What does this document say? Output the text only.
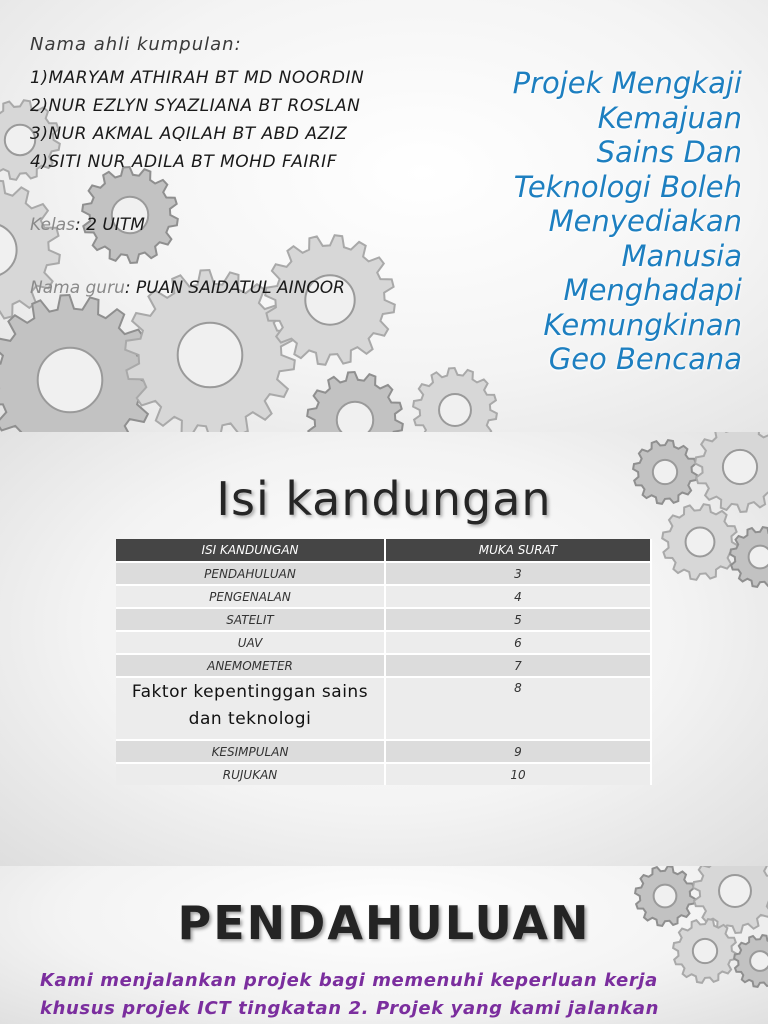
Nama ahli kumpulan:
1)MARYAM ATHIRAH BT MD NOORDIN
2)NUR EZLYN SYAZLIANA BT ROSLAN
3)NUR AKMAL AQILAH BT ABD AZIZ
4)SITI NUR ADILA BT MOHD FAIRIF
Kelas: 2 UITM
Nama guru: PUAN SAIDATUL AINOOR
Projek Mengkaji
Kemajuan
Sains Dan
Teknologi Boleh
Menyediakan
Manusia
Menghadapi
Kemungkinan
Geo Bencana
Isi kandungan
ISI KANDUNGAN	MUKA SURAT
PENDAHULUAN	3
PENGENALAN	4
SATELIT	5
UAV	6
ANEMOMETER	7
Faktor kepentinggan sains dan teknologi	8
KESIMPULAN	9
RUJUKAN	10
PENDAHULUAN
Kami menjalankan projek bagi memenuhi keperluan kerja
khusus projek ICT tingkatan 2. Projek yang kami jalankan
